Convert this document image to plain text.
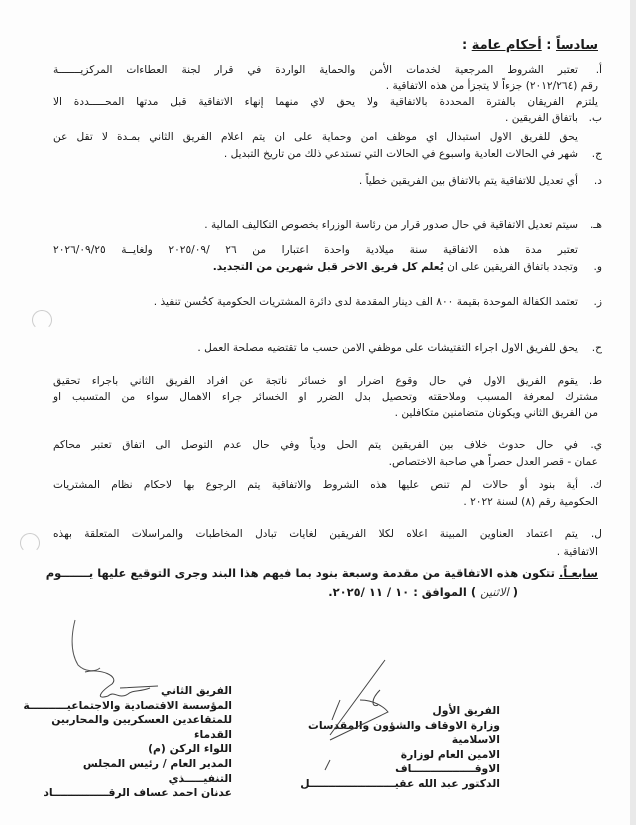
سادساً : أحكام عامة :
أ.
تعتبر الشروط المرجعية لخدمات الأمن والحماية الواردة في قرار لجنة العطاءات المركزيـــــــة
رقم (٢٠١٢/٢٦٤) جزءاً لا يتجزأ من هذه الاتفاقية .
ب.
يلتزم الفريقان بالفترة المحددة بالاتفاقية ولا يحق لاي منهما إنهاء الاتفاقية قبل مدتها المحـــــددة الا
باتفاق الفريقين .
ج.
يحق للفريق الاول استبدال اي موظف امن وحماية على ان يتم اعلام الفريق الثاني بمـدة لا تقل عن
شهر في الحالات العادية واسبوع في الحالات التي تستدعي ذلك من تاريخ التبديل .
د.
أي تعديل للاتفاقية يتم بالاتفاق بين الفريقين خطياً .
هـ.
سيتم تعديل الاتفاقية في حال صدور قرار من رئاسة الوزراء بخصوص التكاليف المالية .
و.
تعتبر مدة هذه الاتفاقية سنة ميلادية واحدة اعتبارا من ٢٦ /٢٠٢٥/٠٩ ولغايــة ٢٠٢٦/٠٩/٢٥
وتجدد باتفاق الفريقين على ان يُعلم كل فريق الاخر قبل شهرين من التجديد.
ز.
تعتمد الكفالة الموحدة بقيمة ٨٠٠ الف دينار المقدمة لدى دائرة المشتريات الحكومية كحُسن تنفيذ .
ح.
يحق للفريق الاول اجراء التفتيشات على موظفي الامن حسب ما تقتضيه مصلحة العمل .
ط.
يقوم الفريق الاول في حال وقوع اضرار او خسائر ناتجة عن افراد الفريق الثاني باجراء تحقيق
مشترك لمعرفة المسبب وملاحقته وتحصيل بدل الضرر او الخسائر جراء الاهمال سواء من المتسبب او
من الفريق الثاني ويكونان متضامنين متكافلين .
ي.
في حال حدوث خلاف بين الفريقين يتم الحل ودياً وفي حال عدم التوصل الى اتفاق تعتبر محاكم
عمان - قصر العدل حصراً هي صاحبة الاختصاص.
ك.
أية بنود أو حالات لم تنص عليها هذه الشروط والاتفاقية يتم الرجوع بها لاحكام نظام المشتريات
الحكومية رقم (٨) لسنة ٢٠٢٢ .
ل.
يتم اعتماد العناوين المبينة اعلاه لكلا الفريقين لغايات تبادل المخاطبات والمراسلات المتعلقة بهذه
الاتفاقية .
سابعـاً. تتكون هذه الاتفاقية من مقدمة وسبعة بنود بما فيهم هذا البند وجرى التوقيع عليها يـــــــوم
( الاثنين ) الموافق : ١٠ / ١١ /٢٠٢٥.
الفريق الأول
وزارة الاوقاف والشؤون والمقدسات الاسلامية
الامين العام لوزارة الاوقـــــــــــــــــاف
الدكتور عبد الله عقيـــــــــــــــــــــــل
الفريق الثاني
المؤسسة الاقتصادية والاجتماعيــــــــــة
للمتقاعدين العسكريين والمحاربين القدماء
اللواء الركن (م)
المدير العام / رئيس المجلس التنفيـــــذي
عدنان احمد عساف الرقـــــــــــــــاد
